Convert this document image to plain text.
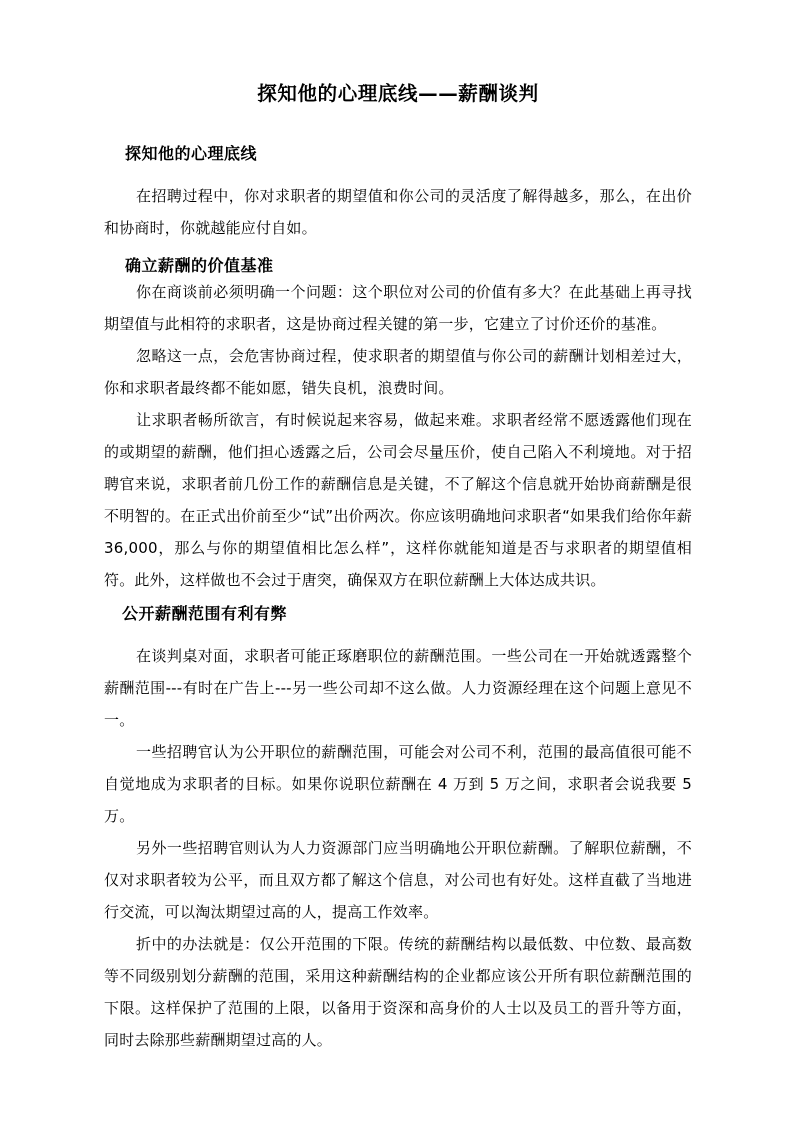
探知他的心理底线——薪酬谈判
探知他的心理底线

在招聘过程中，你对求职者的期望值和你公司的灵活度了解得越多，那么，在出价和协商时，你就越能应付自如。

确立薪酬的价值基准

你在商谈前必须明确一个问题：这个职位对公司的价值有多大？在此基础上再寻找期望值与此相符的求职者，这是协商过程关键的第一步，它建立了讨价还价的基准。

忽略这一点，会危害协商过程，使求职者的期望值与你公司的薪酬计划相差过大，你和求职者最终都不能如愿，错失良机，浪费时间。

让求职者畅所欲言，有时候说起来容易，做起来难。求职者经常不愿透露他们现在的或期望的薪酬，他们担心透露之后，公司会尽量压价，使自己陷入不利境地。对于招聘官来说，求职者前几份工作的薪酬信息是关键，不了解这个信息就开始协商薪酬是很不明智的。在正式出价前至少“试”出价两次。你应该明确地问求职者“如果我们给你年薪 36,000，那么与你的期望值相比怎么样”，这样你就能知道是否与求职者的期望值相符。此外，这样做也不会过于唐突，确保双方在职位薪酬上大体达成共识。

公开薪酬范围有利有弊

在谈判桌对面，求职者可能正琢磨职位的薪酬范围。一些公司在一开始就透露整个薪酬范围---有时在广告上---另一些公司却不这么做。人力资源经理在这个问题上意见不一。

一些招聘官认为公开职位的薪酬范围，可能会对公司不利，范围的最高值很可能不自觉地成为求职者的目标。如果你说职位薪酬在 4 万到 5 万之间，求职者会说我要 5 万。

另外一些招聘官则认为人力资源部门应当明确地公开职位薪酬。了解职位薪酬，不仅对求职者较为公平，而且双方都了解这个信息，对公司也有好处。这样直截了当地进行交流，可以淘汰期望过高的人，提高工作效率。

折中的办法就是：仅公开范围的下限。传统的薪酬结构以最低数、中位数、最高数等不同级别划分薪酬的范围，采用这种薪酬结构的企业都应该公开所有职位薪酬范围的下限。这样保护了范围的上限，以备用于资深和高身价的人士以及员工的晋升等方面，同时去除那些薪酬期望过高的人。
